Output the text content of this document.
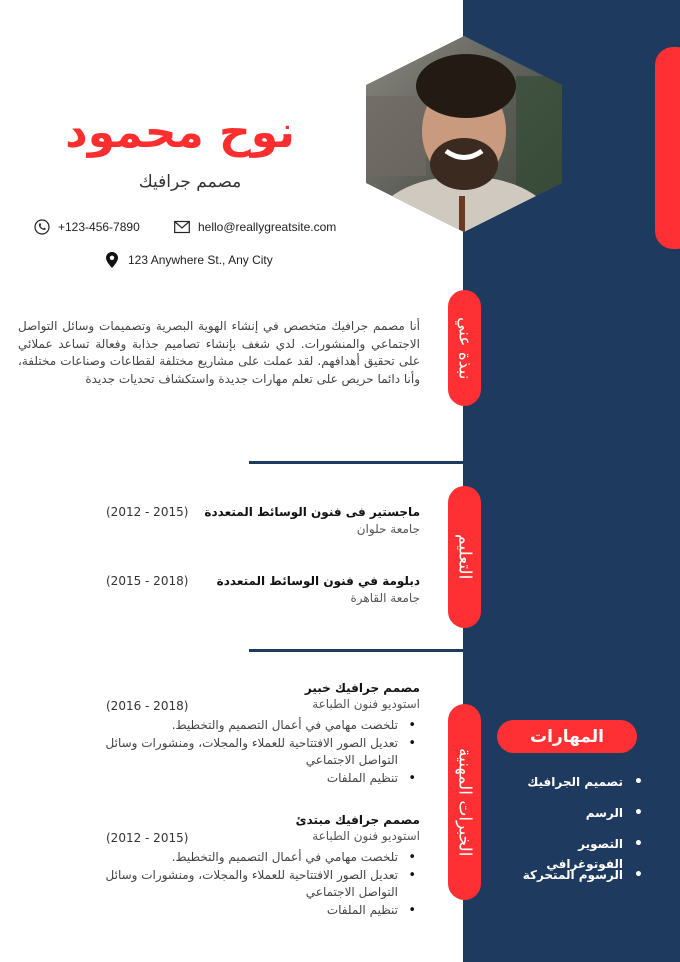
نوح محمود
مصمم جرافيك
+123-456-7890	hello@reallygreatsite.com
123 Anywhere St., Any City
نبذة عني
أنا مصمم جرافيك متخصص في إنشاء الهوية البصرية وتصميمات وسائل التواصل الاجتماعي والمنشورات. لدي شغف بإنشاء تصاميم جذابة وفعالة تساعد عملائي على تحقيق أهدافهم. لقد عملت على مشاريع مختلفة لقطاعات وصناعات مختلفة، وأنا دائما حريص على تعلم مهارات جديدة واستكشاف تحديات جديدة
التعليم
ماجستير فى فنون الوسائط المتعددة
جامعة حلوان
(2012 - 2015)
دبلومة في فنون الوسائط المتعددة
جامعة القاهرة
(2015 - 2018)
الخبرات المهنية
مصمم جرافيك خبير
استوديو فنون الطباعة
(2016 - 2018)
• تلخصت مهامي في أعمال التصميم والتخطيط.
• تعديل الصور الافتتاحية للعملاء والمجلات، ومنشورات وسائل التواصل الاجتماعي
• تنظيم الملفات
مصمم جرافيك مبتدئ
استوديو فنون الطباعة
(2012 - 2015)
• تلخصت مهامي في أعمال التصميم والتخطيط.
• تعديل الصور الافتتاحية للعملاء والمجلات، ومنشورات وسائل التواصل الاجتماعي
• تنظيم الملفات
المهارات
• تصميم الجرافيك
• الرسم
• التصوير الفوتوغرافي
• الرسوم المتحركة
